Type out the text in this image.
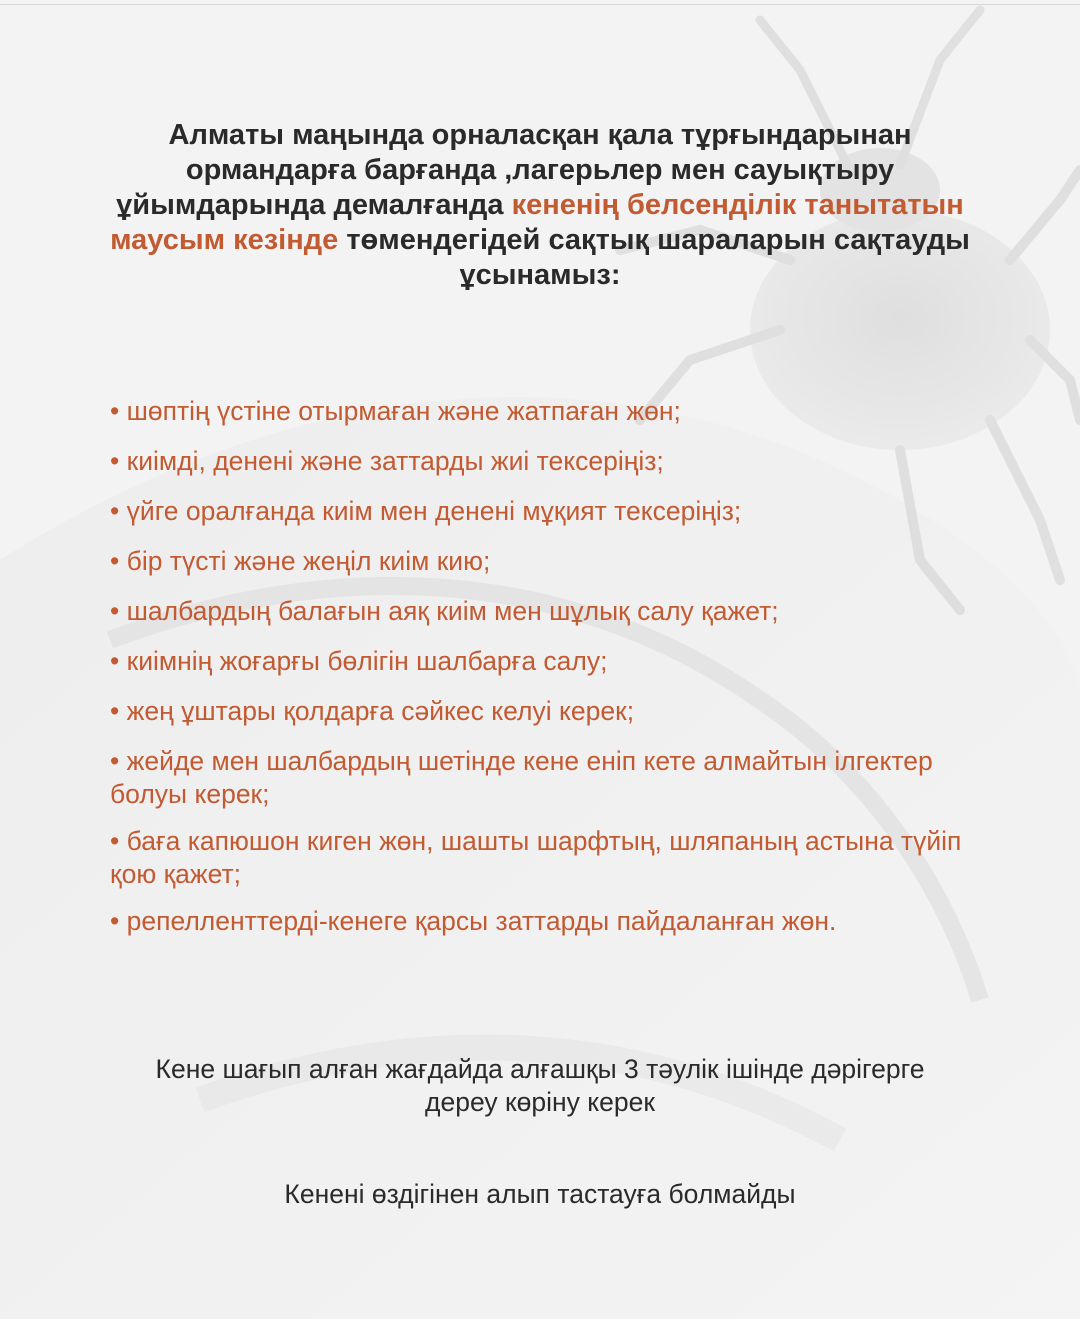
Алматы маңында орналасқан қала тұрғындарынан ормандарға барғанда ,лагерьлер мен сауықтыру ұйымдарында демалғанда кененің белсенділік танытатын маусым кезінде төмендегідей сақтық шараларын сақтауды ұсынамыз:
• шөптің үстіне отырмаған және жатпаған жөн;
• киімді, денені және заттарды жиі тексеріңіз;
• үйге оралғанда киім мен денені мұқият тексеріңіз;
• бір түсті және жеңіл киім кию;
• шалбардың балағын аяқ киім мен шұлық салу қажет;
• киімнің жоғарғы бөлігін шалбарға салу;
• жең ұштары қолдарға сәйкес келуі керек;
• жейде мен шалбардың шетінде кене еніп кете алмайтын ілгектер болуы керек;
• баға капюшон киген жөн, шашты шарфтың, шляпаның астына түйіп қою қажет;
• репелленттерді-кенеге қарсы заттарды пайдаланған жөн.
Кене шағып алған жағдайда алғашқы 3 тәулік ішінде дәрігерге дереу көріну керек
Кенені өздігінен алып тастауға болмайды
